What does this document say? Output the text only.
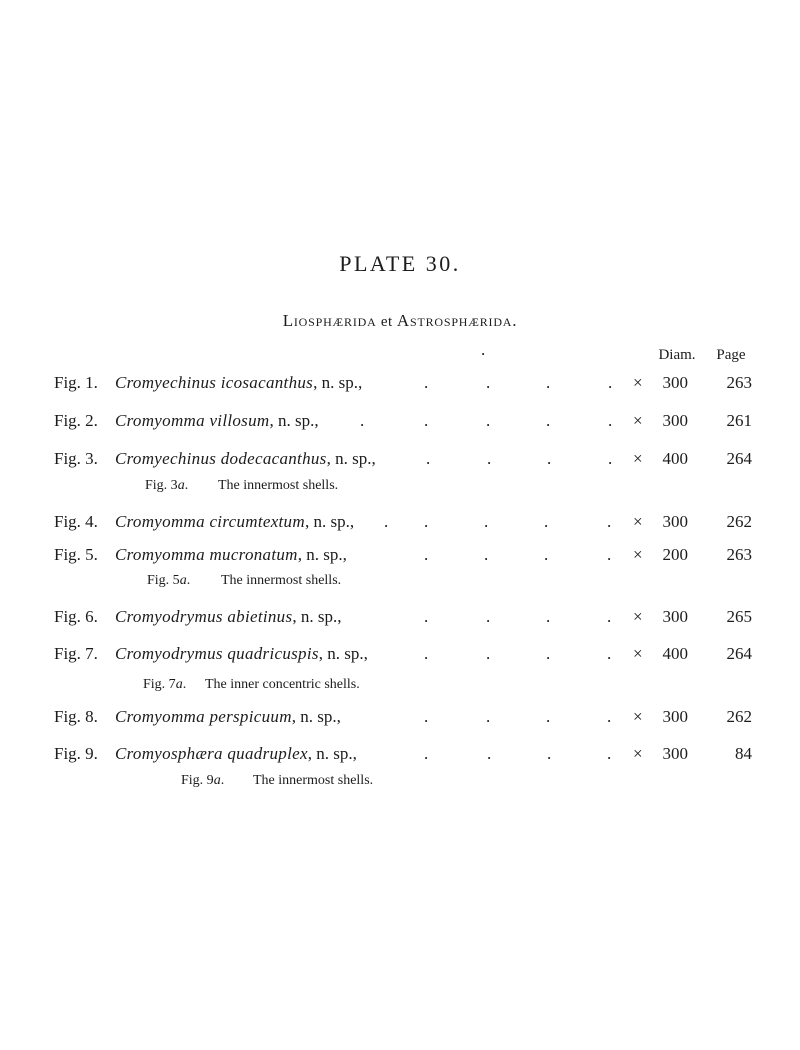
PLATE 30.
Liosphærida et Astrosphærida.
.
Diam.	Page
Fig. 1. Cromyechinus icosacanthus, n. sp., . . . .	×	300	263
Fig. 2. Cromyomma villosum, n. sp., . . . . .	×	300	261
Fig. 3. Cromyechinus dodecacanthus, n. sp., . . . .	×	400	264
Fig. 3a. The innermost shells.
Fig. 4. Cromyomma circumtextum, n. sp., . . . . .	×	300	262
Fig. 5. Cromyomma mucronatum, n. sp., . . . .	×	200	263
Fig. 5a. The innermost shells.
Fig. 6. Cromyodrymus abietinus, n. sp., . . . .	×	300	265
Fig. 7. Cromyodrymus quadricuspis, n. sp., . . . .	×	400	264
Fig. 7a. The inner concentric shells.
Fig. 8. Cromyomma perspicuum, n. sp., . . . .	×	300	262
Fig. 9. Cromyosphæra quadruplex, n. sp., . . . .	×	300	84
Fig. 9a. The innermost shells.
